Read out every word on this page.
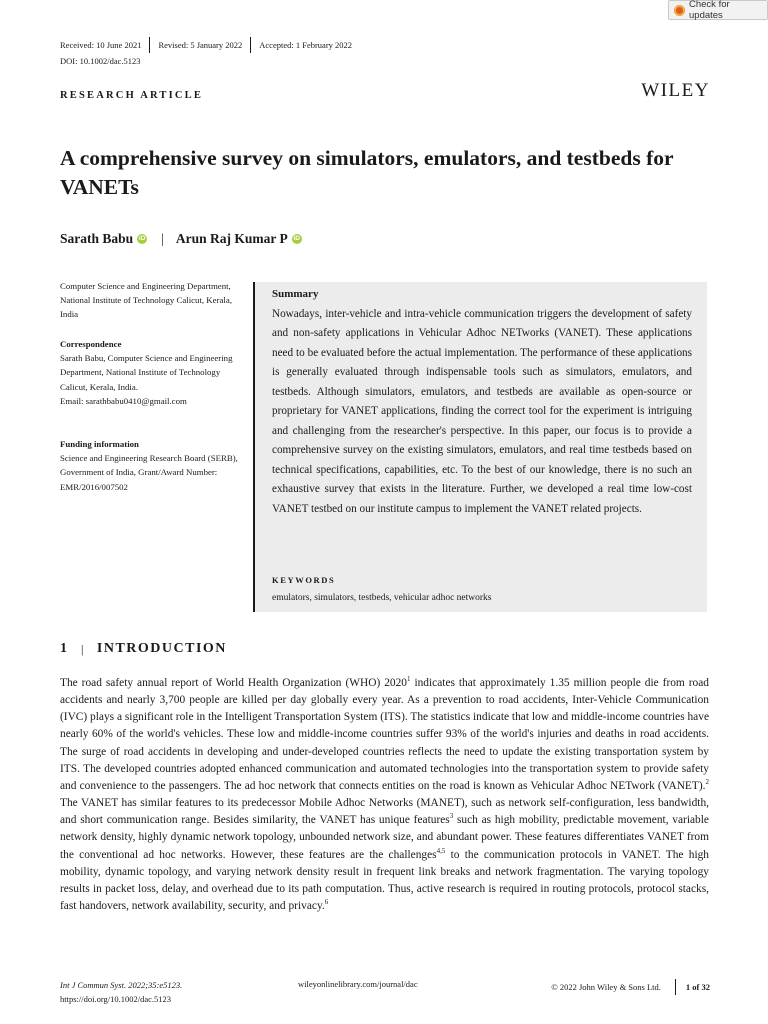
Check for updates
Received: 10 June 2021 Revised: 5 January 2022 Accepted: 1 February 2022
DOI: 10.1002/dac.5123
RESEARCH ARTICLE	WILEY
A comprehensive survey on simulators, emulators, and testbeds for VANETs
Sarath Babu iD | Arun Raj Kumar P iD
Computer Science and Engineering Department, National Institute of Technology Calicut, Kerala, India
Correspondence
Sarath Babu, Computer Science and Engineering Department, National Institute of Technology Calicut, Kerala, India.
Email: sarathbabu0410@gmail.com
Funding information
Science and Engineering Research Board (SERB), Government of India, Grant/Award Number: EMR/2016/007502
Summary
Nowadays, inter-vehicle and intra-vehicle communication triggers the development of safety and non-safety applications in Vehicular Adhoc NETworks (VANET). These applications need to be evaluated before the actual implementation. The performance of these applications is generally evaluated through indispensable tools such as simulators, emulators, and testbeds. Although simulators, emulators, and testbeds are available as open-source or proprietary for VANET applications, finding the correct tool for the experiment is intriguing and challenging from the researcher's perspective. In this paper, our focus is to provide a comprehensive survey on the existing simulators, emulators, and real time testbeds based on technical specifications, capabilities, etc. To the best of our knowledge, there is no such an exhaustive survey that exists in the literature. Further, we developed a real time low-cost VANET testbed on our institute campus to implement the VANET related projects.
KEYWORDS
emulators, simulators, testbeds, vehicular adhoc networks
1 | INTRODUCTION
The road safety annual report of World Health Organization (WHO) 2020$^1$ indicates that approximately 1.35 million people die from road accidents and nearly 3,700 people are killed per day globally every year. As a prevention to road accidents, Inter-Vehicle Communication (IVC) plays a significant role in the Intelligent Transportation System (ITS). The statistics indicate that low and middle-income countries have nearly 60% of the world's vehicles. These low and middle-income countries suffer 93% of the world's injuries and deaths in road accidents. The surge of road accidents in developing and under-developed countries reflects the need to update the existing transportation system by ITS. The developed countries adopted enhanced communication and automated technologies into the transportation system to provide safety and convenience to the passengers. The ad hoc network that connects entities on the road is known as Vehicular Adhoc NETwork (VANET).$^2$ The VANET has similar features to its predecessor Mobile Adhoc Networks (MANET), such as network self-configuration, less bandwidth, and short communication range. Besides similarity, the VANET has unique features$^3$ such as high mobility, predictable movement, variable network density, highly dynamic network topology, unbounded network size, and abundant power. These features differentiates VANET from the conventional ad hoc networks. However, these features are the challenges$^{4,5}$ to the communication protocols in VANET. The high mobility, dynamic topology, and varying network density result in frequent link breaks and network fragmentation. The varying topology results in packet loss, delay, and overhead due to its path computation. Thus, active research is required in routing protocols, protocol stacks, fast handovers, network availability, security, and privacy.$^6$
Int J Commun Syst. 2022;35:e5123.
https://doi.org/10.1002/dac.5123
wileyonlinelibrary.com/journal/dac	© 2022 John Wiley & Sons Ltd.	1 of 32
